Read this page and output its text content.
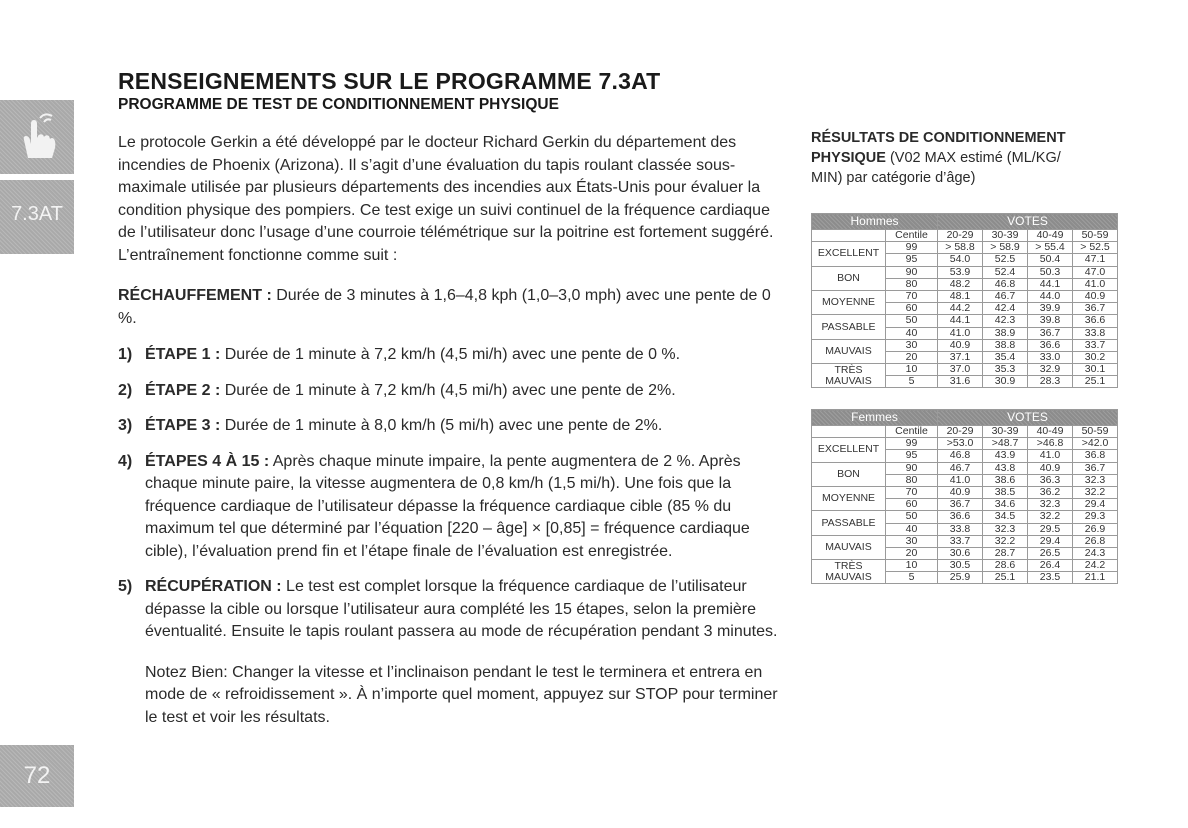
7.3AT
72
RENSEIGNEMENTS SUR LE PROGRAMME 7.3AT
PROGRAMME DE TEST DE CONDITIONNEMENT PHYSIQUE

Le protocole Gerkin a été développé par le docteur Richard Gerkin du département des incendies de Phoenix (Arizona). Il s’agit d’une évaluation du tapis roulant classée sous-maximale utilisée par plusieurs départements des incendies aux États-Unis pour évaluer la condition physique des pompiers. Ce test exige un suivi continuel de la fréquence cardiaque de l’utilisateur donc l’usage d’une courroie télémétrique sur la poitrine est fortement suggéré. L’entraînement fonctionne comme suit :

RÉCHAUFFEMENT : Durée de 3 minutes à 1,6–4,8 kph (1,0–3,0 mph) avec une pente de 0 %.

1) ÉTAPE 1 : Durée de 1 minute à 7,2 km/h (4,5 mi/h) avec une pente de 0 %.
2) ÉTAPE 2 : Durée de 1 minute à 7,2 km/h (4,5 mi/h) avec une pente de 2%.
3) ÉTAPE 3 : Durée de 1 minute à 8,0 km/h (5 mi/h) avec une pente de 2%.
4) ÉTAPES 4 À 15 : Après chaque minute impaire, la pente augmentera de 2 %. Après chaque minute paire, la vitesse augmentera de 0,8 km/h (1,5 mi/h). Une fois que la fréquence cardiaque de l’utilisateur dépasse la fréquence cardiaque cible (85 % du maximum tel que déterminé par l’équation [220 – âge] × [0,85] = fréquence cardiaque cible), l’évaluation prend fin et l’étape finale de l’évaluation est enregistrée.
5) RÉCUPÉRATION : Le test est complet lorsque la fréquence cardiaque de l’utilisateur dépasse la cible ou lorsque l’utilisateur aura complété les 15 étapes, selon la première éventualité. Ensuite le tapis roulant passera au mode de récupération pendant 3 minutes.

Notez Bien: Changer la vitesse et l’inclinaison pendant le test le terminera et entrera en mode de « refroidissement ». À n’importe quel moment, appuyez sur STOP pour terminer le test et voir les résultats.

RÉSULTATS DE CONDITIONNEMENT PHYSIQUE (V02 MAX estimé (ML/KG/ MIN) par catégorie d’âge)
Hommes		VOTES			
	Centile	20-29	30-39	40-49	50-59
EXCELLENT	99	> 58.8	> 58.9	> 55.4	> 52.5
	95	54.0	52.5	50.4	47.1
BON	90	53.9	52.4	50.3	47.0
	80	48.2	46.8	44.1	41.0
MOYENNE	70	48.1	46.7	44.0	40.9
	60	44.2	42.4	39.9	36.7
PASSABLE	50	44.1	42.3	39.8	36.6
	40	41.0	38.9	36.7	33.8
MAUVAIS	30	40.9	38.8	36.6	33.7
	20	37.1	35.4	33.0	30.2
TRÈS MAUVAIS	10	37.0	35.3	32.9	30.1
	5	31.6	30.9	28.3	25.1
Femmes		VOTES			
	Centile	20-29	30-39	40-49	50-59
EXCELLENT	99	>53.0	>48.7	>46.8	>42.0
	95	46.8	43.9	41.0	36.8
BON	90	46.7	43.8	40.9	36.7
	80	41.0	38.6	36.3	32.3
MOYENNE	70	40.9	38.5	36.2	32.2
	60	36.7	34.6	32.3	29.4
PASSABLE	50	36.6	34.5	32.2	29.3
	40	33.8	32.3	29.5	26.9
MAUVAIS	30	33.7	32.2	29.4	26.8
	20	30.6	28.7	26.5	24.3
TRÈS MAUVAIS	10	30.5	28.6	26.4	24.2
	5	25.9	25.1	23.5	21.1
